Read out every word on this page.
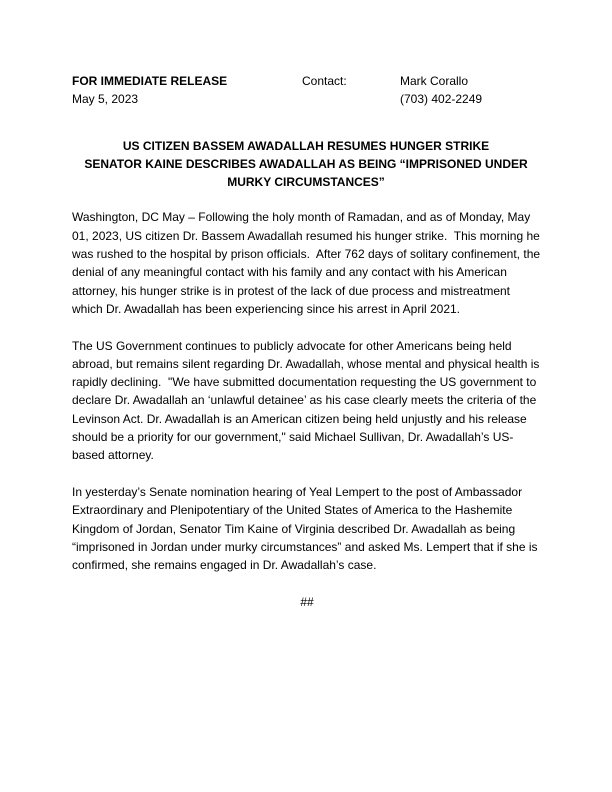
FOR IMMEDIATE RELEASE
May 5, 2023
Contact:	Mark Corallo
(703) 402-2249
US CITIZEN BASSEM AWADALLAH RESUMES HUNGER STRIKE
SENATOR KAINE DESCRIBES AWADALLAH AS BEING “IMPRISONED UNDER
MURKY CIRCUMSTANCES”

Washington, DC May – Following the holy month of Ramadan, and as of Monday, May 01, 2023, US citizen Dr. Bassem Awadallah resumed his hunger strike.  This morning he was rushed to the hospital by prison officials.  After 762 days of solitary confinement, the denial of any meaningful contact with his family and any contact with his American attorney, his hunger strike is in protest of the lack of due process and mistreatment which Dr. Awadallah has been experiencing since his arrest in April 2021.

The US Government continues to publicly advocate for other Americans being held abroad, but remains silent regarding Dr. Awadallah, whose mental and physical health is rapidly declining.  "We have submitted documentation requesting the US government to declare Dr. Awadallah an ‘unlawful detainee’ as his case clearly meets the criteria of the Levinson Act. Dr. Awadallah is an American citizen being held unjustly and his release should be a priority for our government," said Michael Sullivan, Dr. Awadallah’s US-based attorney.

In yesterday’s Senate nomination hearing of Yeal Lempert to the post of Ambassador Extraordinary and Plenipotentiary of the United States of America to the Hashemite Kingdom of Jordan, Senator Tim Kaine of Virginia described Dr. Awadallah as being “imprisoned in Jordan under murky circumstances” and asked Ms. Lempert that if she is confirmed, she remains engaged in Dr. Awadallah’s case.

##
